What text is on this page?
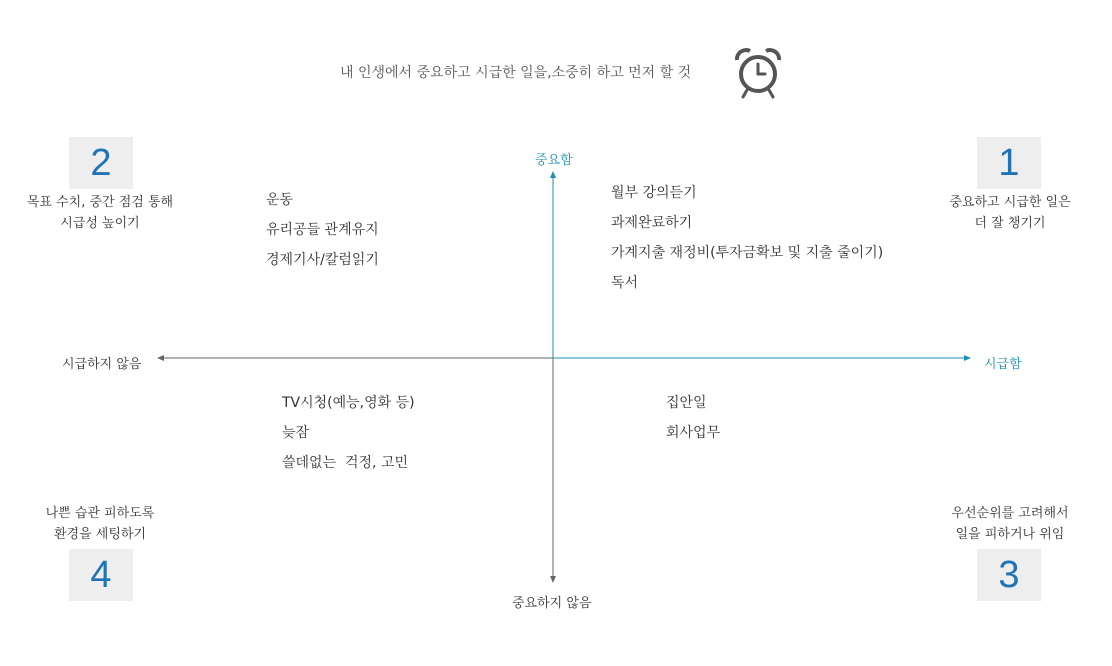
내 인생에서 중요하고 시급한 일을,소중히 하고 먼저 할 것
중요함
중요하지 않음
시급하지 않음	시급함
2
목표 수치, 중간 점검 통해
시급성 높이기
운동
유리공들 관계유지
경제기사/칼럼읽기
1
중요하고 시급한 일은
더 잘 챙기기
월부 강의듣기
과제완료하기
가계지출 재정비(투자금확보 및 지출 줄이기)
독서
나쁜 습관 피하도록
환경을 세팅하기
4
TV시청(예능,영화 등)
늦잠
쓸데없는  걱정, 고민
우선순위를 고려해서
일을 피하거나 위임
3
집안일
회사업무
